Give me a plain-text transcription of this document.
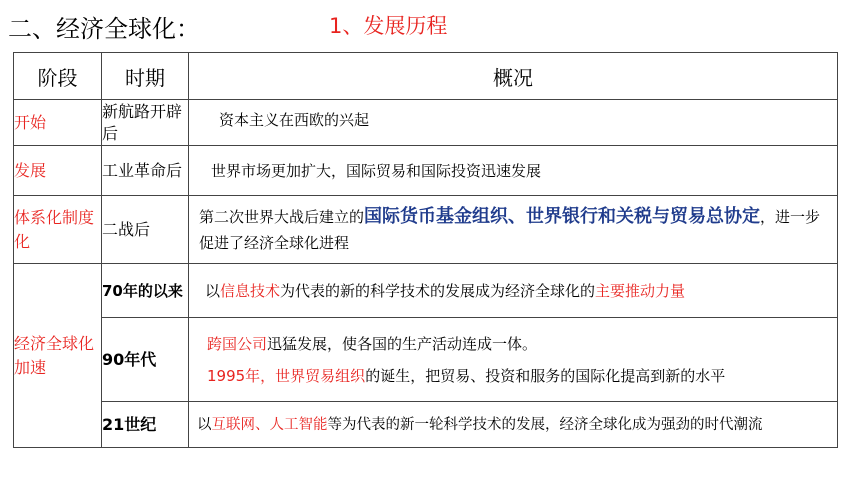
二、经济全球化：	1、发展历程
阶段	时期	概况
开始	新航路开辟后	资本主义在西欧的兴起
发展	工业革命后	世界市场更加扩大，国际贸易和国际投资迅速发展
体系化制度化	二战后	第二次世界大战后建立的国际货币基金组织、世界银行和关税与贸易总协定，进一步促进了经济全球化进程
经济全球化加速	70年的以来	以信息技术为代表的新的科学技术的发展成为经济全球化的主要推动力量
	90年代	跨国公司迅猛发展，使各国的生产活动连成一体。
1995年，世界贸易组织的诞生，把贸易、投资和服务的国际化提高到新的水平

	21世纪	以互联网、人工智能等为代表的新一轮科学技术的发展，经济全球化成为强劲的时代潮流
